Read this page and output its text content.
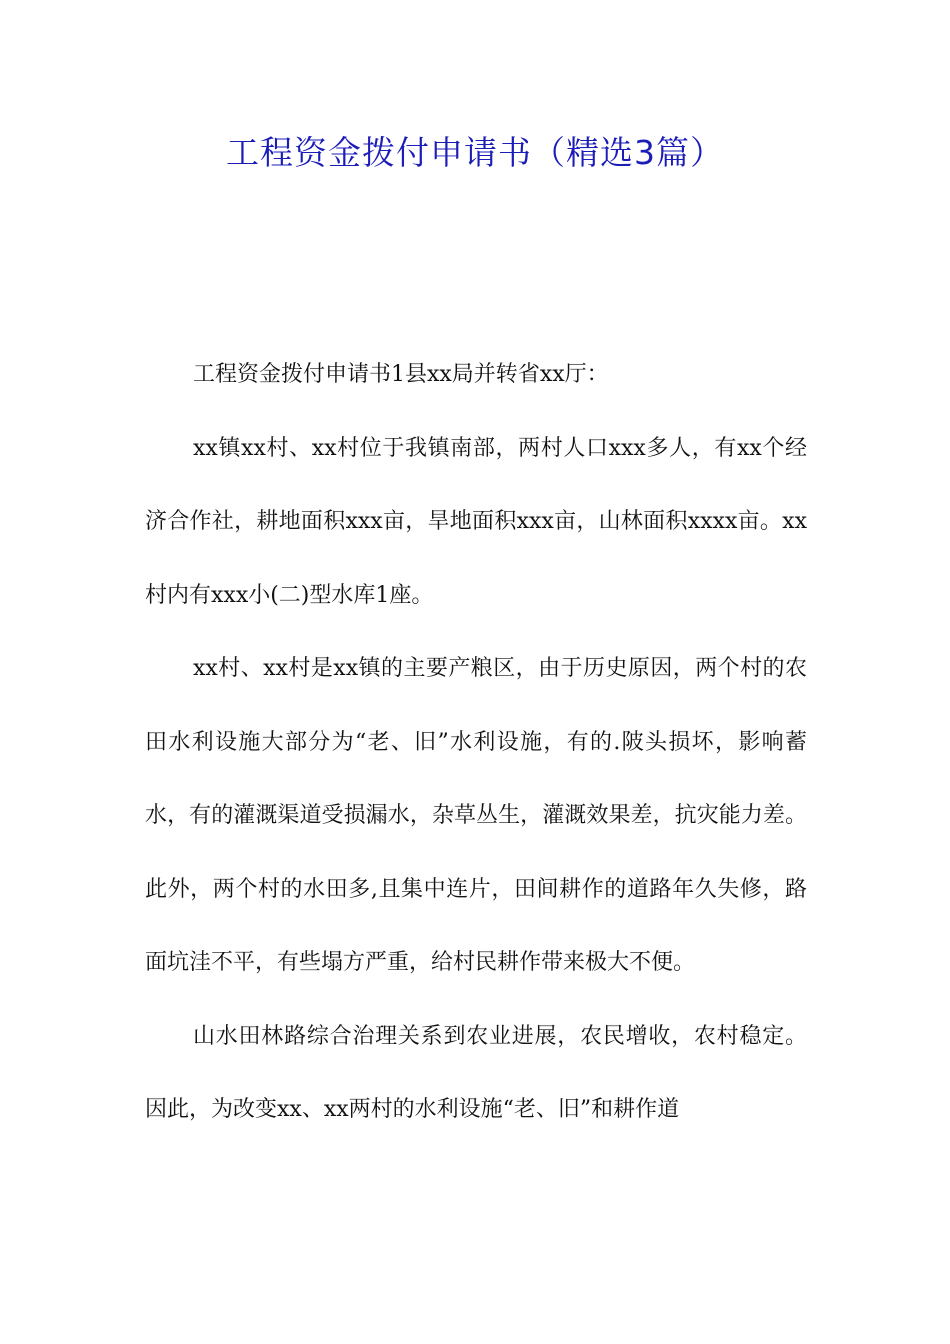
工程资金拨付申请书（精选3篇）

工程资金拨付申请书1县xx局并转省xx厅：

xx镇xx村、xx村位于我镇南部，两村人口xxx多人，有xx个经济合作社，耕地面积xxx亩，旱地面积xxx亩，山林面积xxxx亩。xx村内有xxx小(二)型水库1座。

xx村、xx村是xx镇的主要产粮区，由于历史原因，两个村的农田水利设施大部分为“老、旧”水利设施，有的.陂头损坏，影响蓄水，有的灌溉渠道受损漏水，杂草丛生，灌溉效果差，抗灾能力差。此外，两个村的水田多,且集中连片，田间耕作的道路年久失修，路面坑洼不平，有些塌方严重，给村民耕作带来极大不便。

山水田林路综合治理关系到农业进展，农民增收，农村稳定。因此，为改变xx、xx两村的水利设施“老、旧”和耕作道
